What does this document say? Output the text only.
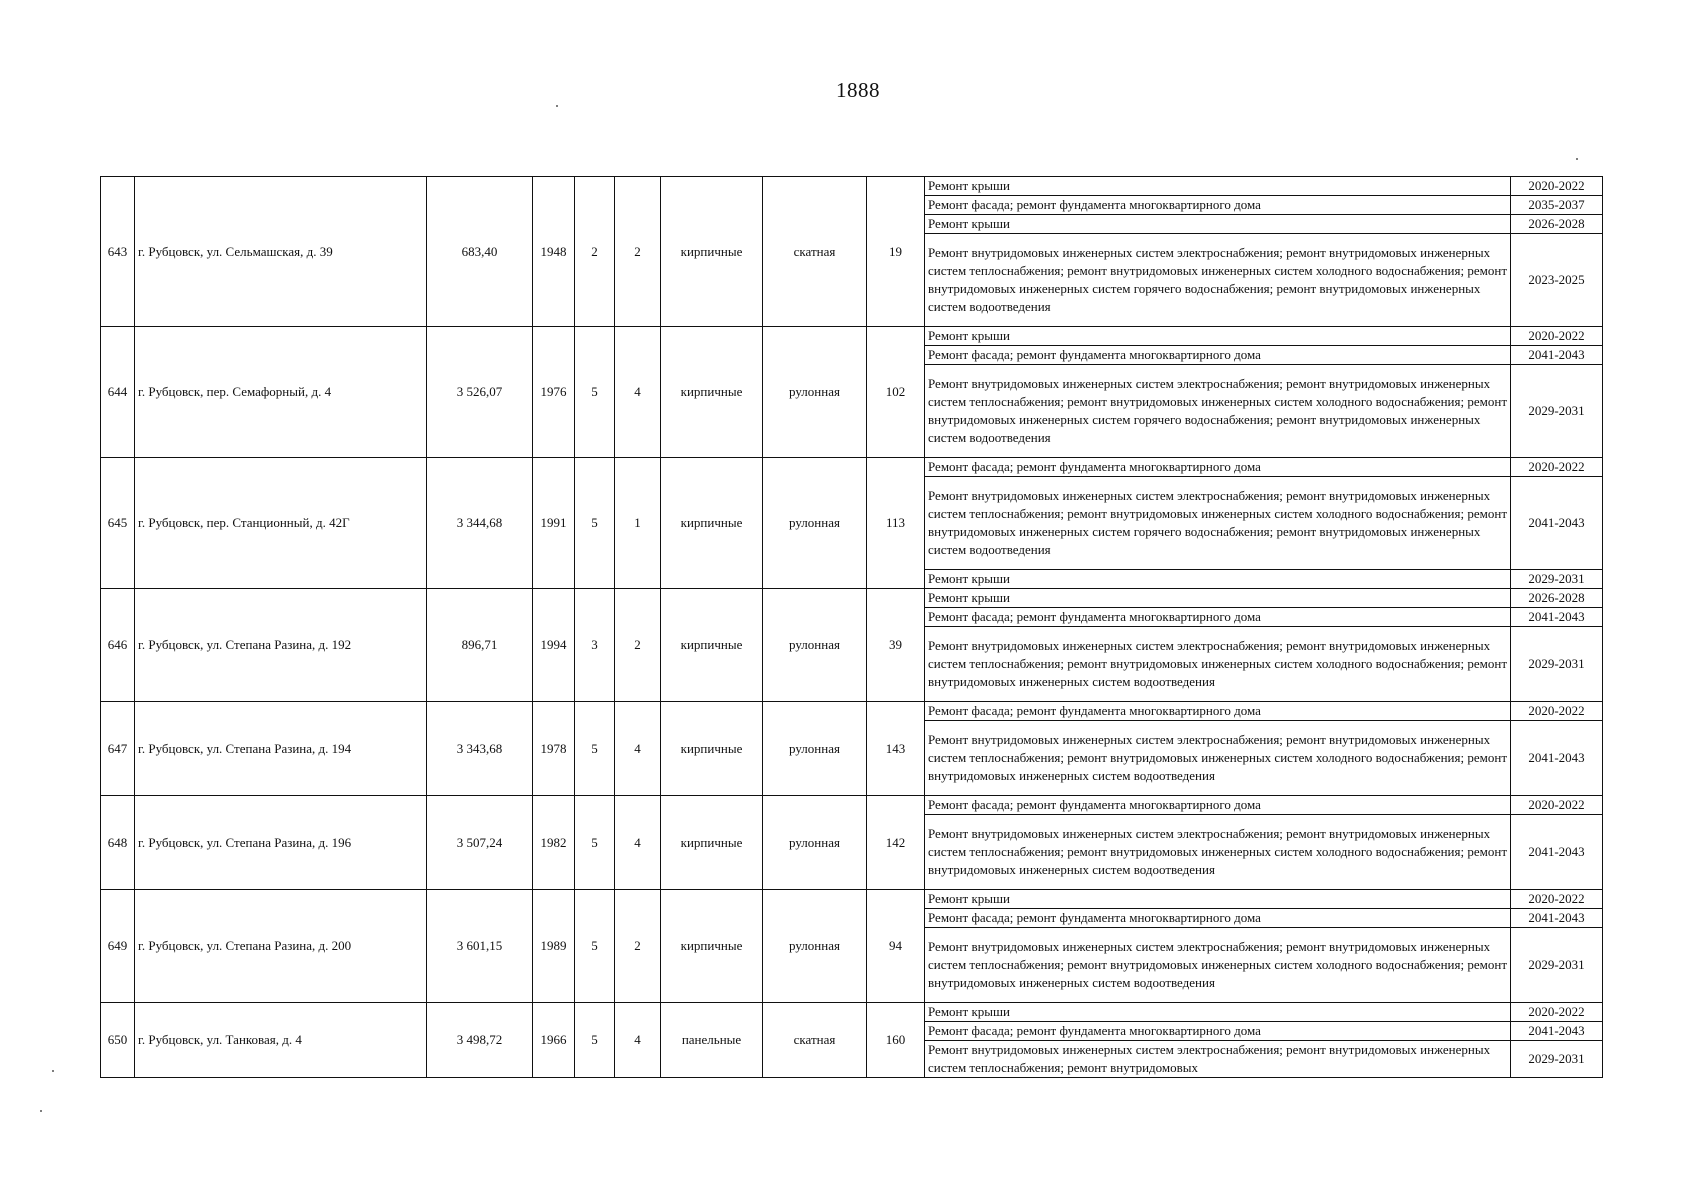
1888
643	г. Рубцовск, ул. Сельмашская, д. 39	683,40	1948	2	2	кирпичные	скатная	19	Ремонт крыши	2020-2022
									Ремонт фасада; ремонт фундамента многоквартирного дома	2035-2037
									Ремонт крыши	2026-2028
									Ремонт внутридомовых инженерных систем электроснабжения; ремонт внутридомовых инженерных систем теплоснабжения; ремонт внутридомовых инженерных систем холодного водоснабжения; ремонт внутридомовых инженерных систем горячего водоснабжения; ремонт внутридомовых инженерных систем водоотведения	2023-2025
644	г. Рубцовск, пер. Семафорный, д. 4	3 526,07	1976	5	4	кирпичные	рулонная	102	Ремонт крыши	2020-2022
									Ремонт фасада; ремонт фундамента многоквартирного дома	2041-2043
									Ремонт внутридомовых инженерных систем электроснабжения; ремонт внутридомовых инженерных систем теплоснабжения; ремонт внутридомовых инженерных систем холодного водоснабжения; ремонт внутридомовых инженерных систем горячего водоснабжения; ремонт внутридомовых инженерных систем водоотведения	2029-2031
645	г. Рубцовск, пер. Станционный, д. 42Г	3 344,68	1991	5	1	кирпичные	рулонная	113	Ремонт фасада; ремонт фундамента многоквартирного дома	2020-2022
									Ремонт внутридомовых инженерных систем электроснабжения; ремонт внутридомовых инженерных систем теплоснабжения; ремонт внутридомовых инженерных систем холодного водоснабжения; ремонт внутридомовых инженерных систем горячего водоснабжения; ремонт внутридомовых инженерных систем водоотведения	2041-2043
									Ремонт крыши	2029-2031
646	г. Рубцовск, ул. Степана Разина, д. 192	896,71	1994	3	2	кирпичные	рулонная	39	Ремонт крыши	2026-2028
									Ремонт фасада; ремонт фундамента многоквартирного дома	2041-2043
									Ремонт внутридомовых инженерных систем электроснабжения; ремонт внутридомовых инженерных систем теплоснабжения; ремонт внутридомовых инженерных систем холодного водоснабжения; ремонт внутридомовых инженерных систем водоотведения	2029-2031
647	г. Рубцовск, ул. Степана Разина, д. 194	3 343,68	1978	5	4	кирпичные	рулонная	143	Ремонт фасада; ремонт фундамента многоквартирного дома	2020-2022
									Ремонт внутридомовых инженерных систем электроснабжения; ремонт внутридомовых инженерных систем теплоснабжения; ремонт внутридомовых инженерных систем холодного водоснабжения; ремонт внутридомовых инженерных систем водоотведения	2041-2043
648	г. Рубцовск, ул. Степана Разина, д. 196	3 507,24	1982	5	4	кирпичные	рулонная	142	Ремонт фасада; ремонт фундамента многоквартирного дома	2020-2022
									Ремонт внутридомовых инженерных систем электроснабжения; ремонт внутридомовых инженерных систем теплоснабжения; ремонт внутридомовых инженерных систем холодного водоснабжения; ремонт внутридомовых инженерных систем водоотведения	2041-2043
649	г. Рубцовск, ул. Степана Разина, д. 200	3 601,15	1989	5	2	кирпичные	рулонная	94	Ремонт крыши	2020-2022
									Ремонт фасада; ремонт фундамента многоквартирного дома	2041-2043
									Ремонт внутридомовых инженерных систем электроснабжения; ремонт внутридомовых инженерных систем теплоснабжения; ремонт внутридомовых инженерных систем холодного водоснабжения; ремонт внутридомовых инженерных систем водоотведения	2029-2031
650	г. Рубцовск, ул. Танковая, д. 4	3 498,72	1966	5	4	панельные	скатная	160	Ремонт крыши	2020-2022
									Ремонт фасада; ремонт фундамента многоквартирного дома	2041-2043
									Ремонт внутридомовых инженерных систем электроснабжения; ремонт внутридомовых инженерных систем теплоснабжения; ремонт внутридомовых	2029-2031
